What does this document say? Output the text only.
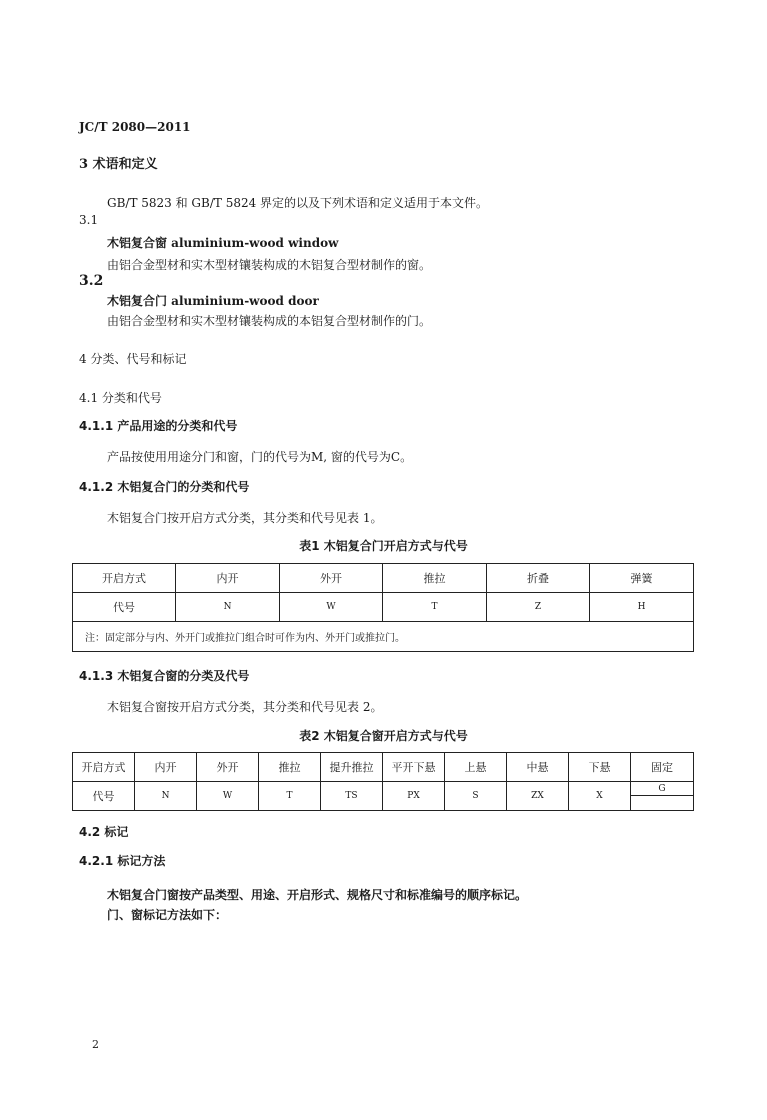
JC/T 2080—2011
3 术语和定义
GB/T 5823 和 GB/T 5824 界定的以及下列术语和定义适用于本文件。
3.1
木铝复合窗 aluminium-wood window
由铝合金型材和实木型材镶装构成的木铝复合型材制作的窗。
3.2
木铝复合门 aluminium-wood door
由铝合金型材和实木型材镶装构成的本铝复合型材制作的门。
4 分类、代号和标记
4.1 分类和代号
4.1.1 产品用途的分类和代号
产品按使用用途分门和窗，门的代号为M, 窗的代号为C。
4.1.2 木铝复合门的分类和代号
木铝复合门按开启方式分类，其分类和代号见表 1。
表1 木铝复合门开启方式与代号
开启方式	内开	外开	推拉	折叠	弹簧
代号	N	W	T	Z	H
注：固定部分与内、外开门或推拉门组合时可作为内、外开门或推拉门。					
4.1.3 木铝复合窗的分类及代号
木铝复合窗按开启方式分类，其分类和代号见表 2。
表2 木铝复合窗开启方式与代号
开启方式	内开	外开	推拉	提升推拉	平开下悬	上悬	中悬	下悬	固定
代号	N	W	T	TS	PX	S	ZX	X	G
4.2 标记
4.2.1 标记方法
木铝复合门窗按产品类型、用途、开启形式、规格尺寸和标准编号的顺序标记。
门、窗标记方法如下：
2
